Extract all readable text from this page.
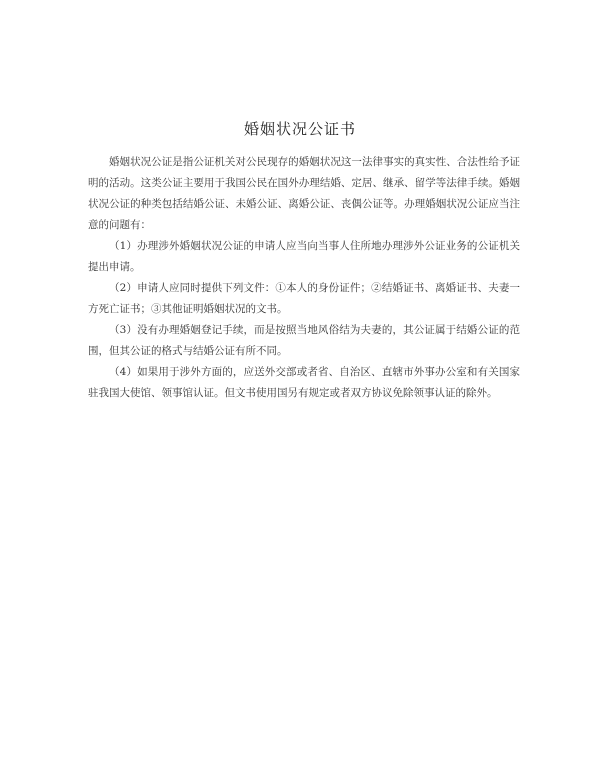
婚姻状况公证书

婚姻状况公证是指公证机关对公民现存的婚姻状况这一法律事实的真实性、合法性给予证明的活动。这类公证主要用于我国公民在国外办理结婚、定居、继承、留学等法律手续。婚姻状况公证的种类包括结婚公证、未婚公证、离婚公证、丧偶公证等。办理婚姻状况公证应当注意的问题有：

（1）办理涉外婚姻状况公证的申请人应当向当事人住所地办理涉外公证业务的公证机关提出申请。

（2）申请人应同时提供下列文件：①本人的身份证件；②结婚证书、离婚证书、夫妻一方死亡证书；③其他证明婚姻状况的文书。

（3）没有办理婚姻登记手续，而是按照当地风俗结为夫妻的，其公证属于结婚公证的范围，但其公证的格式与结婚公证有所不同。

（4）如果用于涉外方面的，应送外交部或者省、自治区、直辖市外事办公室和有关国家驻我国大使馆、领事馆认证。但文书使用国另有规定或者双方协议免除领事认证的除外。
